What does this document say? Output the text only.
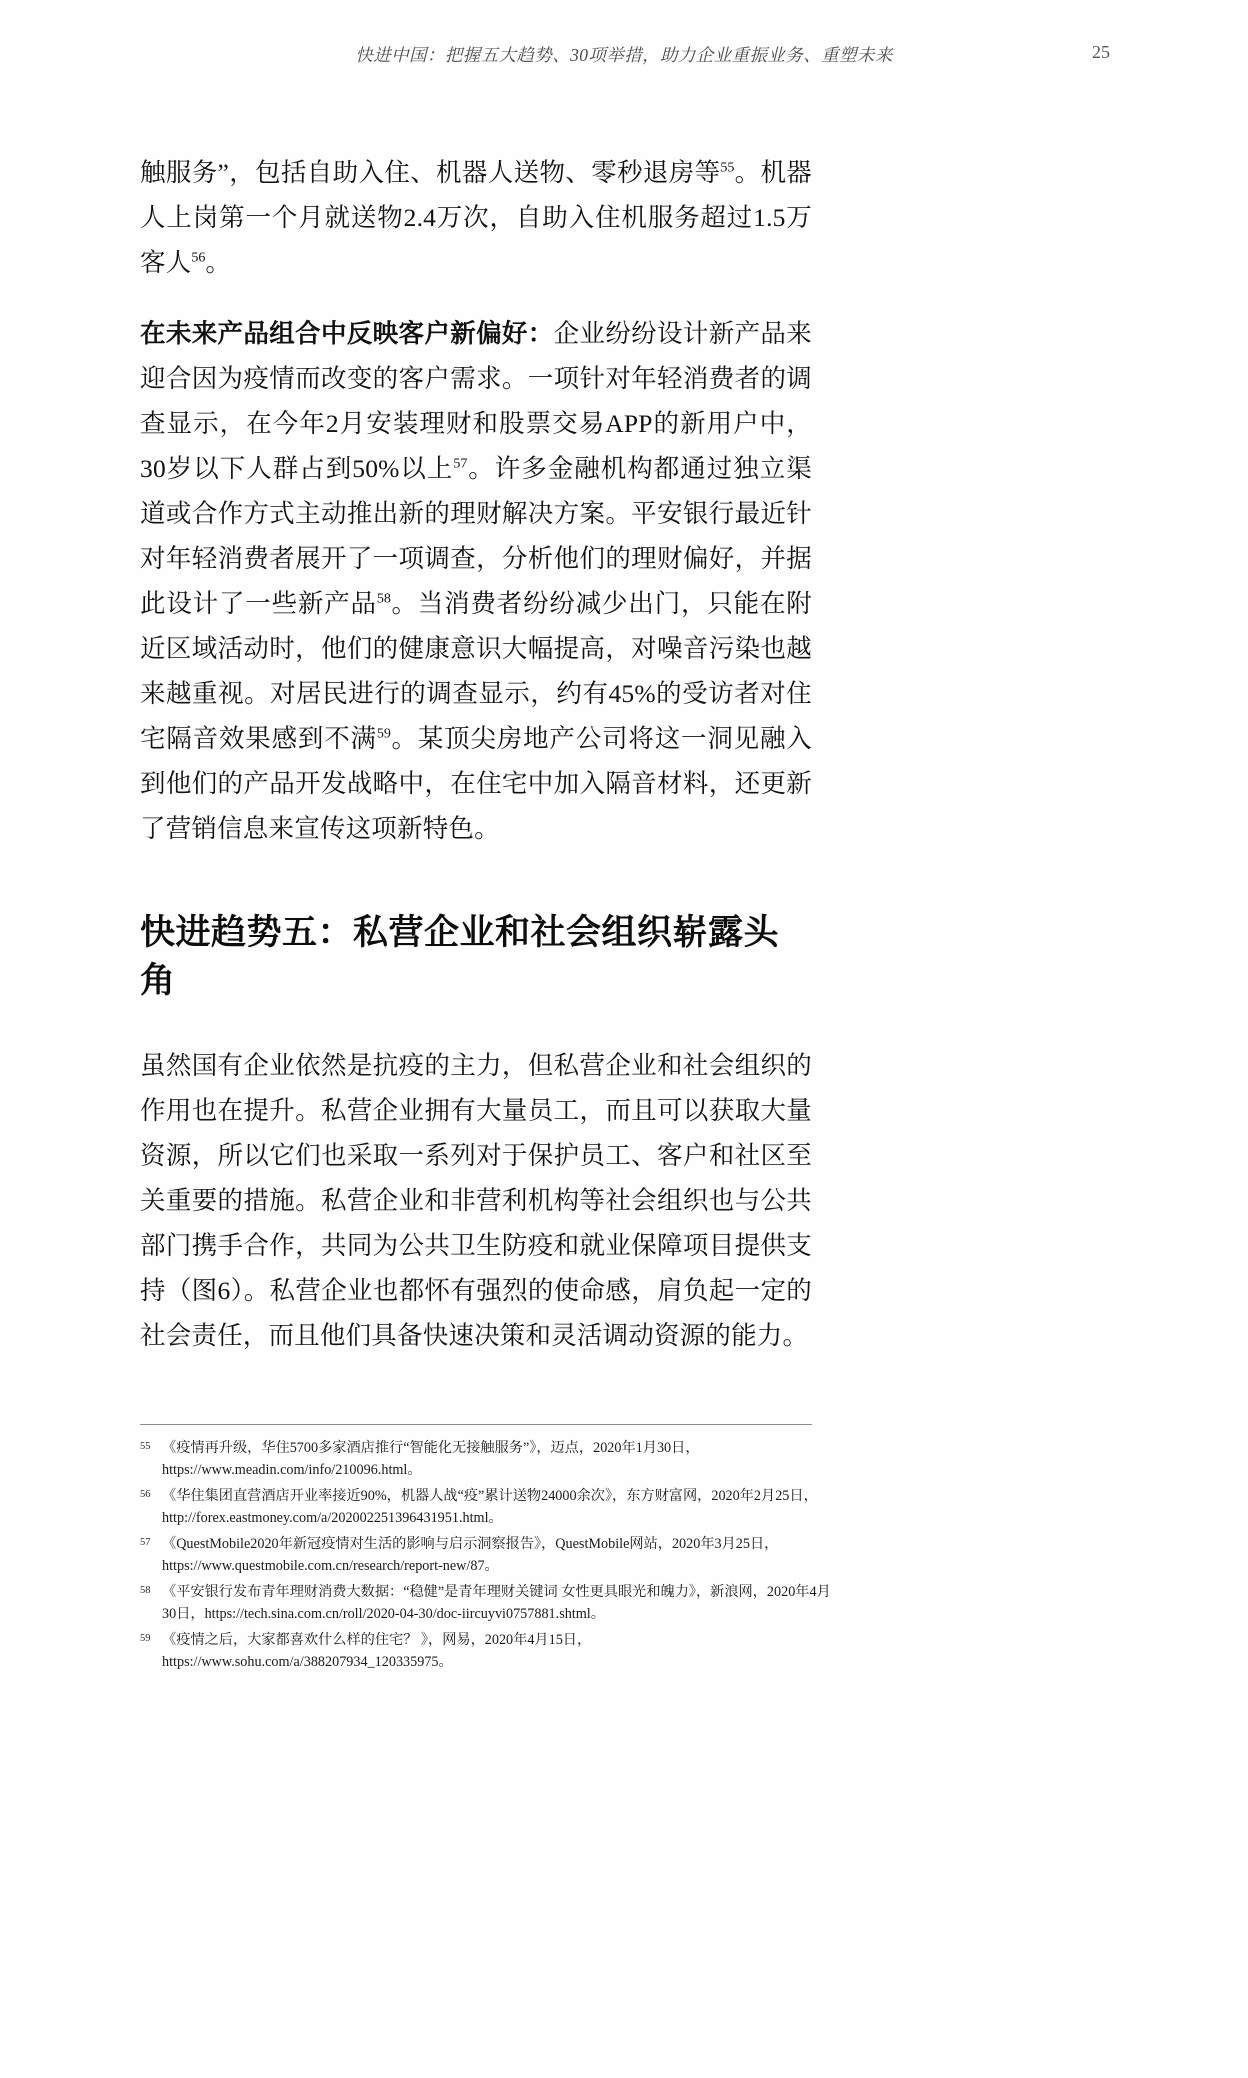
快进中国：把握五大趋势、30项举措，助力企业重振业务、重塑未来	25

触服务”，包括自助入住、机器人送物、零秒退房等$^{55}$。机器人上岗第一个月就送物2.4万次，自助入住机服务超过1.5万客人$^{56}$。

在未来产品组合中反映客户新偏好：企业纷纷设计新产品来迎合因为疫情而改变的客户需求。一项针对年轻消费者的调查显示，在今年2月安装理财和股票交易APP的新用户中，30岁以下人群占到50%以上$^{57}$。许多金融机构都通过独立渠道或合作方式主动推出新的理财解决方案。平安银行最近针对年轻消费者展开了一项调查，分析他们的理财偏好，并据此设计了一些新产品$^{58}$。当消费者纷纷减少出门，只能在附近区域活动时，他们的健康意识大幅提高，对噪音污染也越来越重视。对居民进行的调查显示，约有45%的受访者对住宅隔音效果感到不满$^{59}$。某顶尖房地产公司将这一洞见融入到他们的产品开发战略中，在住宅中加入隔音材料，还更新了营销信息来宣传这项新特色。

快进趋势五：私营企业和社会组织崭露头角

虽然国有企业依然是抗疫的主力，但私营企业和社会组织的作用也在提升。私营企业拥有大量员工，而且可以获取大量资源，所以它们也采取一系列对于保护员工、客户和社区至关重要的措施。私营企业和非营利机构等社会组织也与公共部门携手合作，共同为公共卫生防疫和就业保障项目提供支持（图6）。私营企业也都怀有强烈的使命感，肩负起一定的社会责任，而且他们具备快速决策和灵活调动资源的能力。

55 《疫情再升级，华住5700多家酒店推行“智能化无接触服务”》，迈点，2020年1月30日，https://www.meadin.com/info/210096.html。
56 《华住集团直营酒店开业率接近90%，机器人战“疫”累计送物24000余次》，东方财富网，2020年2月25日，http://forex.eastmoney.com/a/202002251396431951.html。
57 《QuestMobile2020年新冠疫情对生活的影响与启示洞察报告》，QuestMobile网站，2020年3月25日，https://www.questmobile.com.cn/research/report-new/87。
58 《平安银行发布青年理财消费大数据：“稳健”是青年理财关键词 女性更具眼光和魄力》，新浪网，2020年4月30日，https://tech.sina.com.cn/roll/2020-04-30/doc-iircuyvi0757881.shtml。
59 《疫情之后，大家都喜欢什么样的住宅？ 》，网易，2020年4月15日，https://www.sohu.com/a/388207934_120335975。
